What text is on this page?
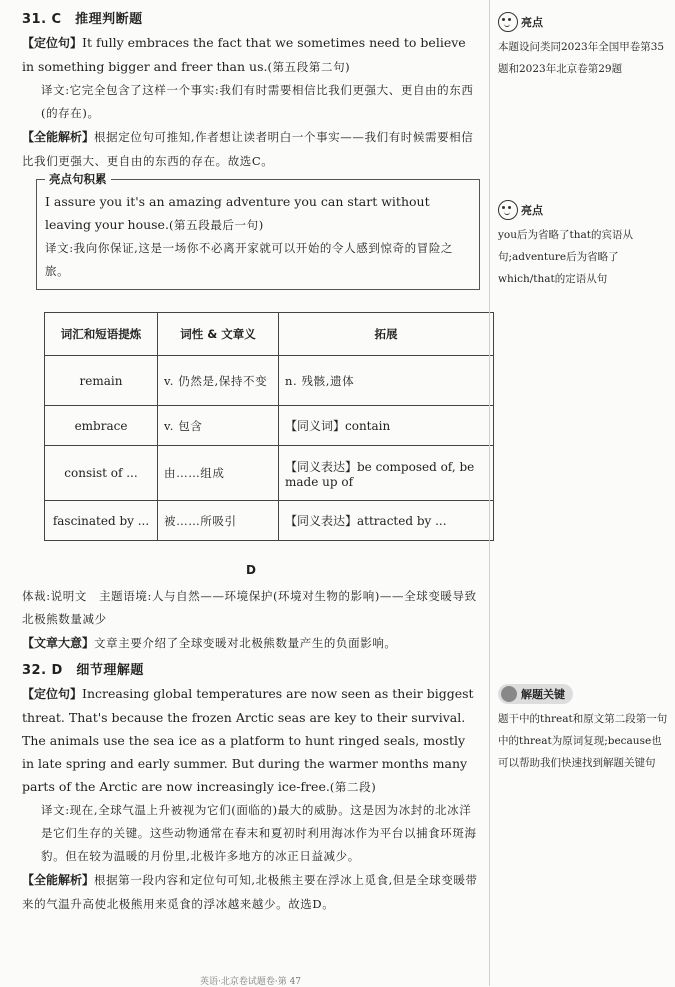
31. C　推理判断题

【定位句】It fully embraces the fact that we sometimes need to believe in something bigger and freer than us.(第五段第二句)

译文:它完全包含了这样一个事实:我们有时需要相信比我们更强大、更自由的东西(的存在)。

【全能解析】根据定位句可推知,作者想让读者明白一个事实——我们有时候需要相信比我们更强大、更自由的东西的存在。故选C。

亮点句积累

I assure you it's an amazing adventure you can start without leaving your house.(第五段最后一句)

译文:我向你保证,这是一场你不必离开家就可以开始的令人感到惊奇的冒险之旅。

词汇和短语提炼	词性 & 文章义	拓展
remain	v. 仍然是,保持不变	n. 残骸,遗体
embrace	v. 包含	【同义词】contain
consist of ...	由……组成	【同义表达】be composed of, be made up of
fascinated by ...	被……所吸引	【同义表达】attracted by ...
D

体裁:说明文　主题语境:人与自然——环境保护(环境对生物的影响)——全球变暖导致北极熊数量减少

【文章大意】文章主要介绍了全球变暖对北极熊数量产生的负面影响。

32. D　细节理解题

【定位句】Increasing global temperatures are now seen as their biggest threat. That's because the frozen Arctic seas are key to their survival. The animals use the sea ice as a platform to hunt ringed seals, mostly in late spring and early summer. But during the warmer months many parts of the Arctic are now increasingly ice-free.(第二段)

译文:现在,全球气温上升被视为它们(面临的)最大的威胁。这是因为冰封的北冰洋是它们生存的关键。这些动物通常在春末和夏初时利用海冰作为平台以捕食环斑海豹。但在较为温暖的月份里,北极许多地方的冰正日益减少。

【全能解析】根据第一段内容和定位句可知,北极熊主要在浮冰上觅食,但是全球变暖带来的气温升高使北极熊用来觅食的浮冰越来越少。故选D。

亮点
本题设问类同2023年全国甲卷第35题和2023年北京卷第29题
亮点
you后为省略了that的宾语从句;adventure后为省略了which/that的定语从句
解题关键
题干中的threat和原文第二段第一句中的threat为原词复现;because也可以帮助我们快速找到解题关键句
英语·北京卷试题卷·第 47
